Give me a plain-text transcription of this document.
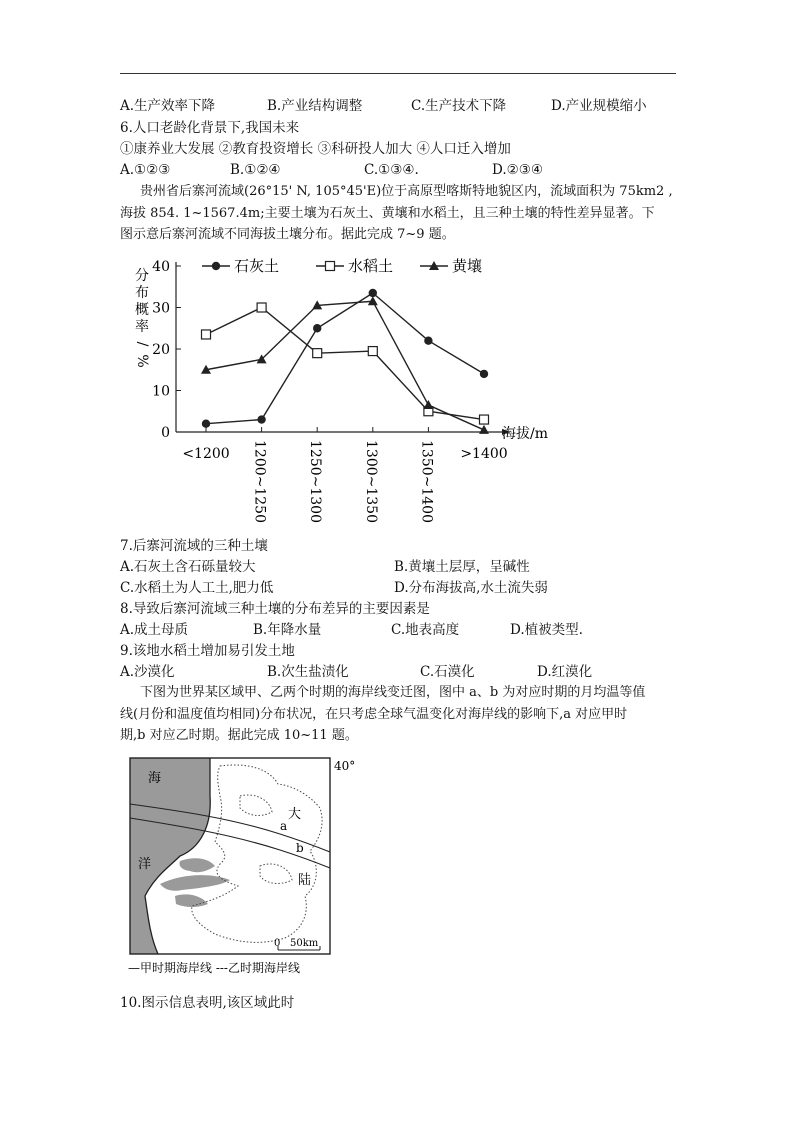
A.生产效率下降	B.产业结构调整	C.生产技术下降	D.产业规模缩小
6.人口老龄化背景下,我国未来
①康养业大发展 ②教育投资增长 ③科研投人加大 ④人口迁入增加
A.①②③	B.①②④	C.①③④.	D.②③④
贵州省后寨河流域(26°15' N, 105°45'E)位于高原型喀斯特地貌区内，流域面积为 75km2 ,
海拔 854. 1~1567.4m;主要土壤为石灰土、黄壤和水稻土，且三种土壤的特性差异显著。下
图示意后寨河流域不同海拔土壤分布。据此完成 7~9 题。
0
10
20
30
40
<1200 1200~1250	1250~1300	1300~1350	1350~1400 >1400
分
布
概
率
/
%
海拔/m
石灰土	水稻土	黄壤
7.后寨河流域的三种土壤
A.石灰土含石砾量较大	B.黄壤土层厚，呈碱性
C.水稻土为人工土,肥力低	D.分布海拔高,水土流失弱
8.导致后寨河流域三种土壤的分布差异的主要因素是
A.成土母质	B.年降水量	C.地表高度	D.植被类型.
9.该地水稻土增加易引发土地
A.沙漠化	B.次生盐渍化	C.石漠化	D.红漠化
下图为世界某区域甲、乙两个时期的海岸线变迁图，图中 a、b 为对应时期的月均温等值
线(月份和温度值均相同)分布状况，在只考虑全球气温变化对海岸线的影响下,a 对应甲时
期,b 对应乙时期。据此完成 10~11 题。
40°
海
洋
大
陆
a
b
0 50km
—甲时期海岸线 ---乙时期海岸线
10.图示信息表明,该区域此时
